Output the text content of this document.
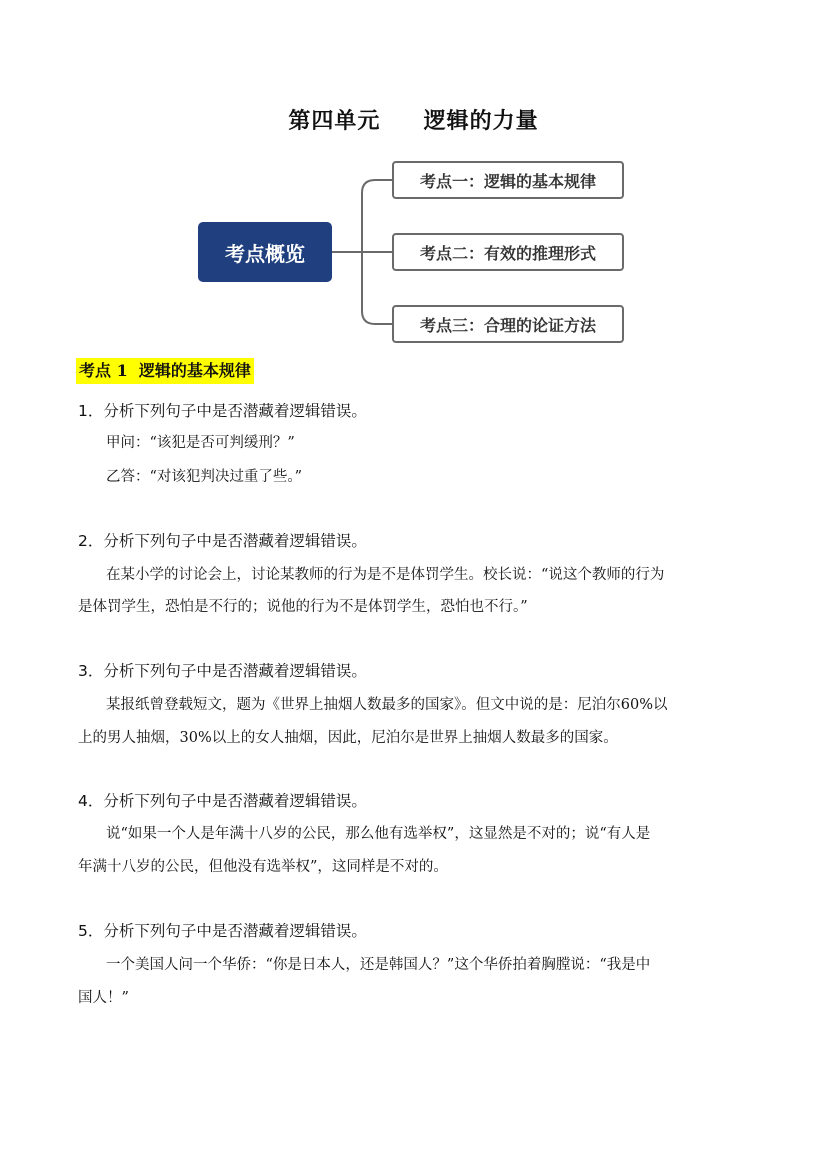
第四单元     逻辑的力量
考点概览
考点一：逻辑的基本规律
考点二：有效的推理形式
考点三：合理的论证方法
考点 1  逻辑的基本规律
1．分析下列句子中是否潜藏着逻辑错误。
甲问：“该犯是否可判缓刑？”
乙答：“对该犯判决过重了些。”
2．分析下列句子中是否潜藏着逻辑错误。
在某小学的讨论会上，讨论某教师的行为是不是体罚学生。校长说：“说这个教师的行为
是体罚学生，恐怕是不行的；说他的行为不是体罚学生，恐怕也不行。”
3．分析下列句子中是否潜藏着逻辑错误。
某报纸曾登载短文，题为《世界上抽烟人数最多的国家》。但文中说的是：尼泊尔60%以
上的男人抽烟，30%以上的女人抽烟，因此，尼泊尔是世界上抽烟人数最多的国家。
4．分析下列句子中是否潜藏着逻辑错误。
说“如果一个人是年满十八岁的公民，那么他有选举权”，这显然是不对的；说“有人是
年满十八岁的公民，但他没有选举权”，这同样是不对的。
5．分析下列句子中是否潜藏着逻辑错误。
一个美国人问一个华侨：“你是日本人，还是韩国人？”这个华侨拍着胸膛说：“我是中
国人！”
